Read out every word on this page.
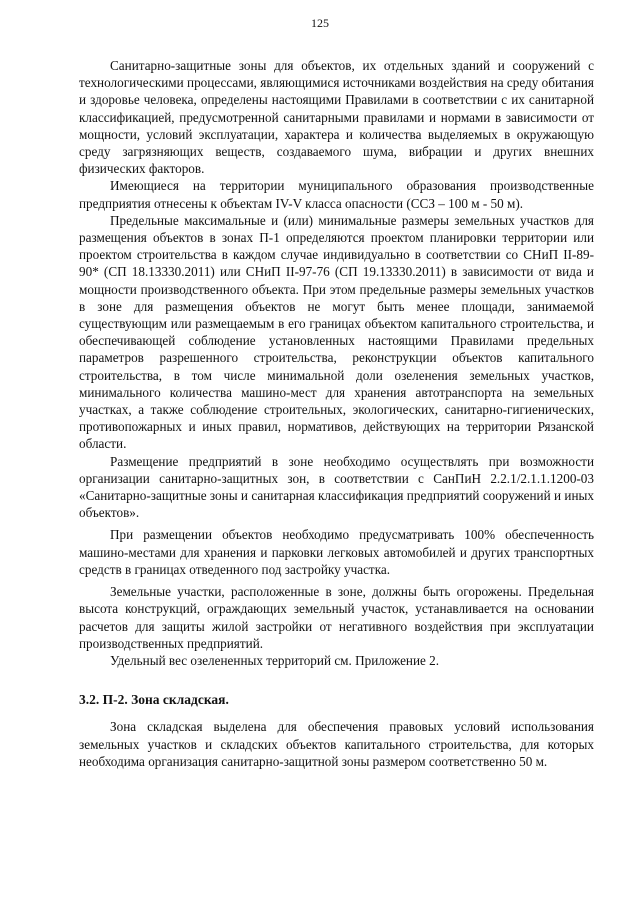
125

Санитарно-защитные зоны для объектов, их отдельных зданий и сооружений с технологическими процессами, являющимися источниками воздействия на среду обитания и здоровье человека, определены настоящими Правилами в соответствии с их санитарной классификацией, предусмотренной санитарными правилами и нормами в зависимости от мощности, условий эксплуатации, характера и количества выделяемых в окружающую среду загрязняющих веществ, создаваемого шума, вибрации и других внешних физических факторов.

Имеющиеся на территории муниципального образования производственные предприятия отнесены к объектам IV-V класса опасности (ССЗ – 100 м - 50 м).

Предельные максимальные и (или) минимальные размеры земельных участков для размещения объектов в зонах П-1 определяются проектом планировки территории или проектом строительства в каждом случае индивидуально в соответствии со СНиП II-89-90* (СП 18.13330.2011) или СНиП II-97-76 (СП 19.13330.2011) в зависимости от вида и мощности производственного объекта. При этом предельные размеры земельных участков в зоне для размещения объектов не могут быть менее площади, занимаемой существующим или размещаемым в его границах объектом капитального строительства, и обеспечивающей соблюдение установленных настоящими Правилами предельных параметров разрешенного строительства, реконструкции объектов капитального строительства, в том числе минимальной доли озеленения земельных участков, минимального количества машино-мест для хранения автотранспорта на земельных участках, а также соблюдение строительных, экологических, санитарно-гигиенических, противопожарных и иных правил, нормативов, действующих на территории Рязанской области.

Размещение предприятий в зоне необходимо осуществлять при возможности организации санитарно-защитных зон, в соответствии с СанПиН 2.2.1/2.1.1.1200-03 «Санитарно-защитные зоны и санитарная классификация предприятий сооружений и иных объектов».

При размещении объектов необходимо предусматривать 100% обеспеченность машино-местами для хранения и парковки легковых автомобилей и других транспортных средств в границах отведенного под застройку участка.

Земельные участки, расположенные в зоне, должны быть огорожены. Предельная высота конструкций, ограждающих земельный участок, устанавливается на основании расчетов для защиты жилой застройки от негативного воздействия при эксплуатации производственных предприятий.

Удельный вес озелененных территорий см. Приложение 2.

3.2. П-2. Зона складская.

Зона складская выделена для обеспечения правовых условий использования земельных участков и складских объектов капитального строительства, для которых необходима организация санитарно-защитной зоны размером соответственно 50 м.
